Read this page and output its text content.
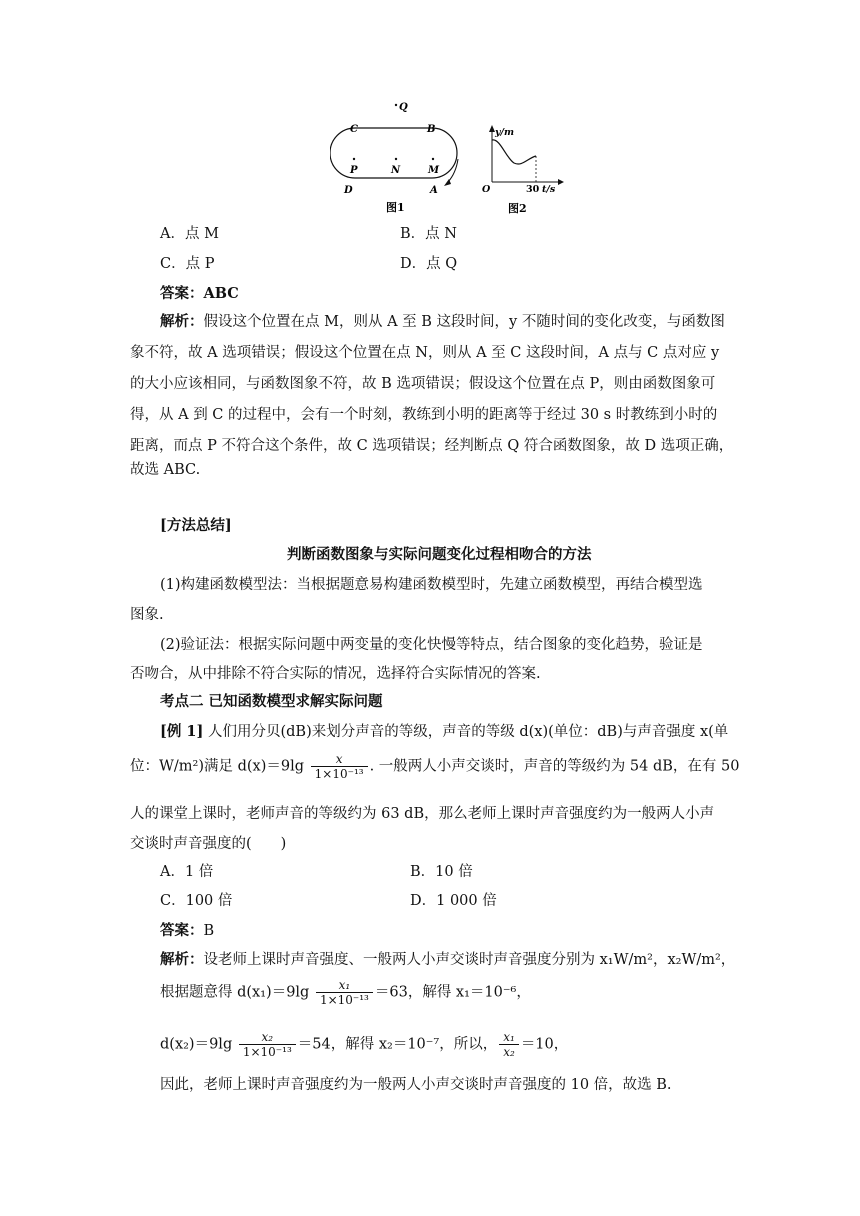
Q
C	B
P	N	M
D	A
图1
y/m
O	30 t/s
图2
A．点 M	B．点 N
C．点 P	D．点 Q
答案：ABC
解析：假设这个位置在点 M，则从 A 至 B 这段时间，y 不随时间的变化改变，与函数图
象不符，故 A 选项错误；假设这个位置在点 N，则从 A 至 C 这段时间，A 点与 C 点对应 y
的大小应该相同，与函数图象不符，故 B 选项错误；假设这个位置在点 P，则由函数图象可
得，从 A 到 C 的过程中，会有一个时刻，教练到小明的距离等于经过 30 s 时教练到小时的
距离，而点 P 不符合这个条件，故 C 选项错误；经判断点 Q 符合函数图象，故 D 选项正确，
故选 ABC.
[方法总结]
判断函数图象与实际问题变化过程相吻合的方法
(1)构建函数模型法：当根据题意易构建函数模型时，先建立函数模型，再结合模型选
图象.
(2)验证法：根据实际问题中两变量的变化快慢等特点，结合图象的变化趋势，验证是
否吻合，从中排除不符合实际的情况，选择符合实际情况的答案.
考点二 已知函数模型求解实际问题
[例 1] 人们用分贝(dB)来划分声音的等级，声音的等级 d(x)(单位：dB)与声音强度 x(单
位：W/m²)满足 $d(x)=9\lg \frac{x}{\text{1×10⁻¹³}}$ . 一般两人小声交谈时，声音的等级约为 54 dB，在有 50
人的课堂上课时，老师声音的等级约为 63 dB，那么老师上课时声音强度约为一般两人小声
交谈时声音强度的(　　)
A．1 倍	B．10 倍
C．100 倍	D．1 000 倍
答案：B
解析：设老师上课时声音强度、一般两人小声交谈时声音强度分别为 x₁W/m²，x₂W/m²，
根据题意得 $d(x_1)=9\lg \frac{\text{x₁}}{\text{1×10⁻¹³}} =63$，解得 x₁＝10⁻⁶，
$d(x_2)=9\lg \frac{\text{x₂}}{\text{1×10⁻¹³}} =54$，解得 x₂＝10⁻⁷，所以， $\frac{\text{x₁}}{\text{x₂}} =10$，
因此，老师上课时声音强度约为一般两人小声交谈时声音强度的 10 倍，故选 B.
